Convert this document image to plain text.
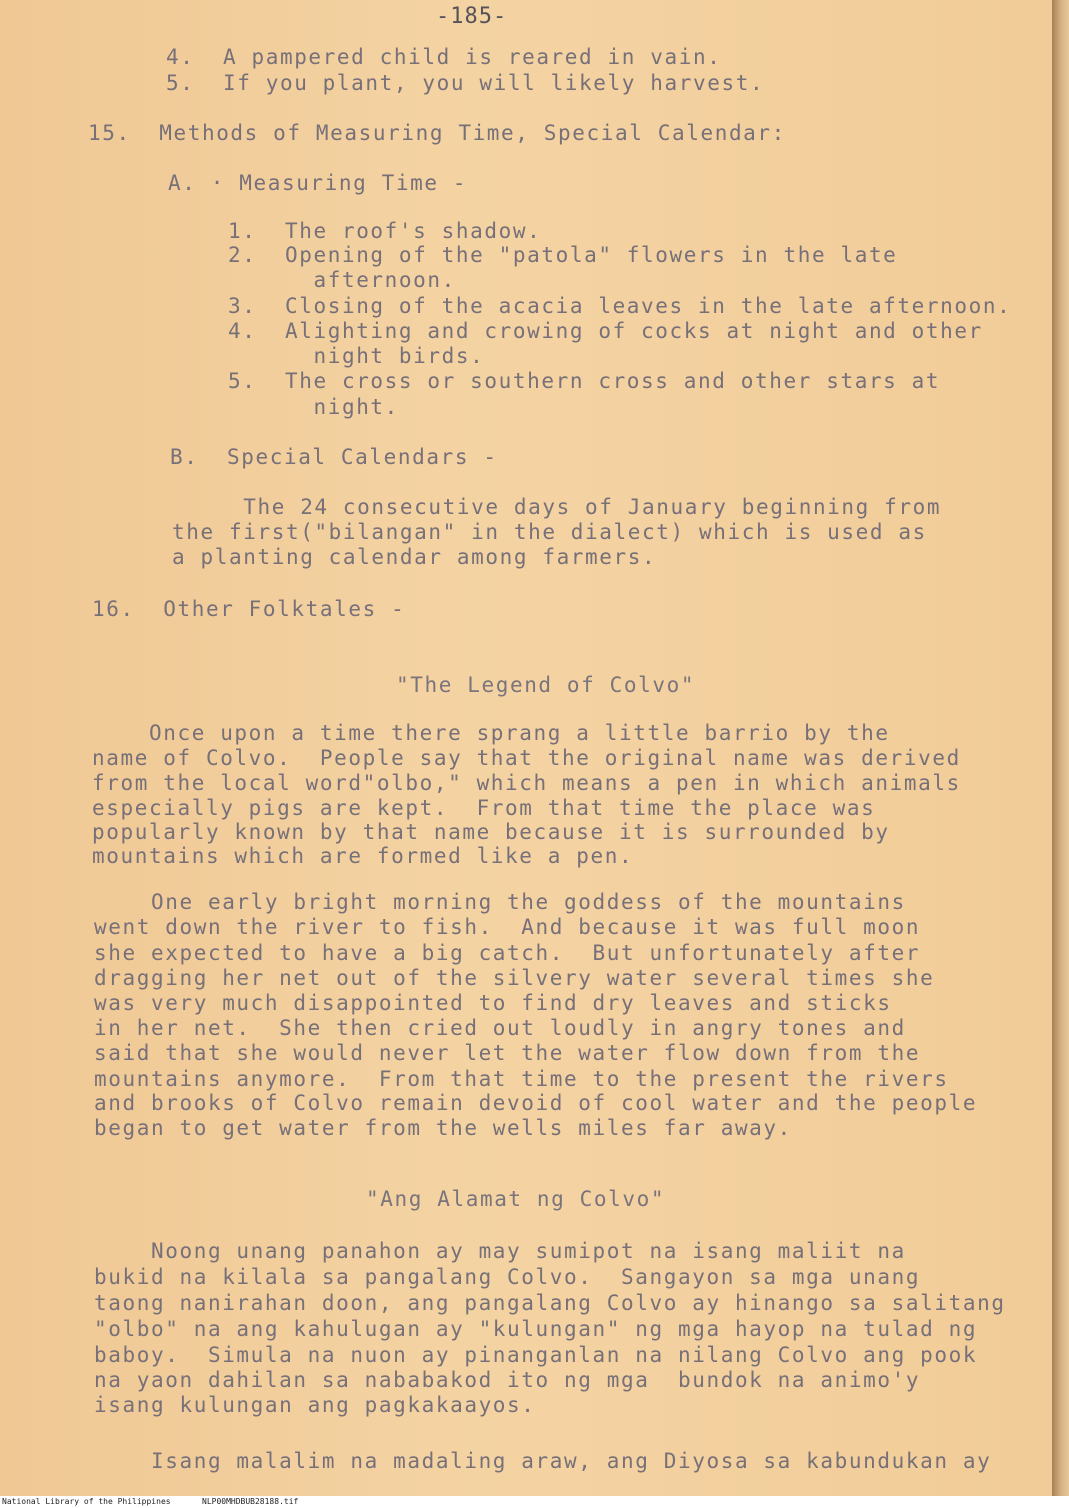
-185-
4.  A pampered child is reared in vain.
5.  If you plant, you will likely harvest.
15.  Methods of Measuring Time, Special Calendar:
A. · Measuring Time -
1.  The roof's shadow.
2.  Opening of the "patola" flowers in the late
afternoon.
3.  Closing of the acacia leaves in the late afternoon.
4.  Alighting and crowing of cocks at night and other
night birds.
5.  The cross or southern cross and other stars at
night.
B.  Special Calendars -
The 24 consecutive days of January beginning from
the first("bilangan" in the dialect) which is used as
a planting calendar among farmers.
16.  Other Folktales -
"The Legend of Colvo"
Once upon a time there sprang a little barrio by the
name of Colvo.  People say that the original name was derived
from the local word"olbo," which means a pen in which animals
especially pigs are kept.  From that time the place was
popularly known by that name because it is surrounded by
mountains which are formed like a pen.
One early bright morning the goddess of the mountains
went down the river to fish.  And because it was full moon
she expected to have a big catch.  But unfortunately after
dragging her net out of the silvery water several times she
was very much disappointed to find dry leaves and sticks
in her net.  She then cried out loudly in angry tones and
said that she would never let the water flow down from the
mountains anymore.  From that time to the present the rivers
and brooks of Colvo remain devoid of cool water and the people
began to get water from the wells miles far away.
"Ang Alamat ng Colvo"
Noong unang panahon ay may sumipot na isang maliit na
bukid na kilala sa pangalang Colvo.  Sangayon sa mga unang
taong nanirahan doon, ang pangalang Colvo ay hinango sa salitang
"olbo" na ang kahulugan ay "kulungan" ng mga hayop na tulad ng
baboy.  Simula na nuon ay pinanganlan na nilang Colvo ang pook
na yaon dahilan sa nababakod ito ng mga  bundok na animo'y
isang kulungan ang pagkakaayos.
Isang malalim na madaling araw, ang Diyosa sa kabundukan ay
National Library of the Philippines	NLP00MHDBUB28188.tif
